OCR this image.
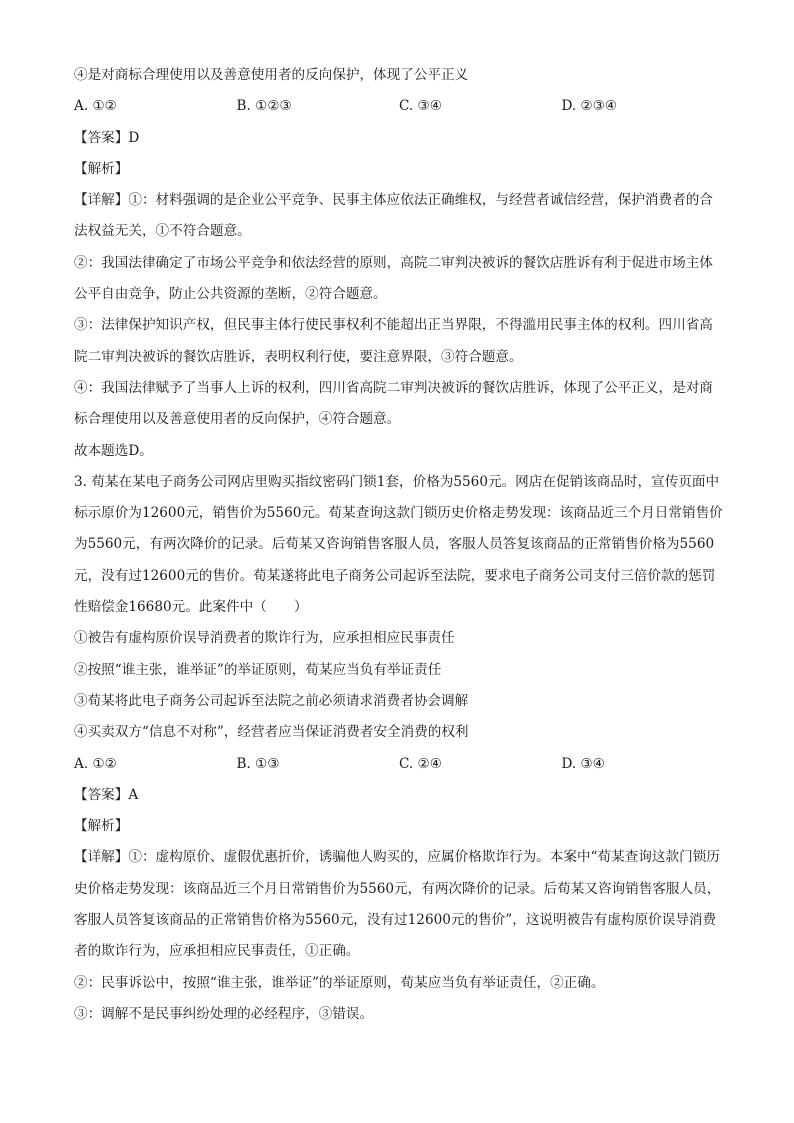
④是对商标合理使用以及善意使用者的反向保护，体现了公平正义
A. ①②	B. ①②③	C. ③④	D. ②③④
【答案】D
【解析】
【详解】①：材料强调的是企业公平竞争、民事主体应依法正确维权，与经营者诚信经营，保护消费者的合法权益无关，①不符合题意。
②：我国法律确定了市场公平竞争和依法经营的原则，高院二审判决被诉的餐饮店胜诉有利于促进市场主体公平自由竞争，防止公共资源的垄断，②符合题意。
③：法律保护知识产权，但民事主体行使民事权利不能超出正当界限，不得滥用民事主体的权利。四川省高院二审判决被诉的餐饮店胜诉，表明权利行使，要注意界限，③符合题意。
④：我国法律赋予了当事人上诉的权利，四川省高院二审判决被诉的餐饮店胜诉，体现了公平正义，是对商标合理使用以及善意使用者的反向保护，④符合题意。
故本题选D。
3. 荀某在某电子商务公司网店里购买指纹密码门锁1套，价格为5560元。网店在促销该商品时，宣传页面中标示原价为12600元，销售价为5560元。荀某查询这款门锁历史价格走势发现：该商品近三个月日常销售价为5560元，有两次降价的记录。后荀某又咨询销售客服人员，客服人员答复该商品的正常销售价格为5560元，没有过12600元的售价。荀某遂将此电子商务公司起诉至法院，要求电子商务公司支付三倍价款的惩罚性赔偿金16680元。此案件中（　　）
①被告有虚构原价误导消费者的欺诈行为，应承担相应民事责任
②按照“谁主张，谁举证”的举证原则，荀某应当负有举证责任
③荀某将此电子商务公司起诉至法院之前必须请求消费者协会调解
④买卖双方“信息不对称”，经营者应当保证消费者安全消费的权利
A. ①②	B. ①③	C. ②④	D. ③④
【答案】A
【解析】
【详解】①：虚构原价、虚假优惠折价，诱骗他人购买的，应属价格欺诈行为。本案中“荀某查询这款门锁历史价格走势发现：该商品近三个月日常销售价为5560元，有两次降价的记录。后荀某又咨询销售客服人员，客服人员答复该商品的正常销售价格为5560元，没有过12600元的售价”，这说明被告有虚构原价误导消费者的欺诈行为，应承担相应民事责任，①正确。
②：民事诉讼中，按照“谁主张，谁举证”的举证原则，荀某应当负有举证责任，②正确。
③：调解不是民事纠纷处理的必经程序，③错误。
